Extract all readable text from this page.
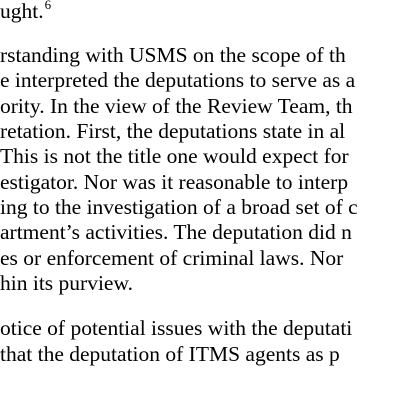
ught.$^6$
rstanding with USMS on the scope of th
e interpreted the deputations to serve as a
ority. In the view of the Review Team, th
retation. First, the deputations state in al
This is not the title one would expect for
estigator. Nor was it reasonable to interp
ing to the investigation of a broad set of c
artment’s activities. The deputation did n
es or enforcement of criminal laws. Nor
hin its purview.
otice of potential issues with the deputati
that the deputation of ITMS agents as p
